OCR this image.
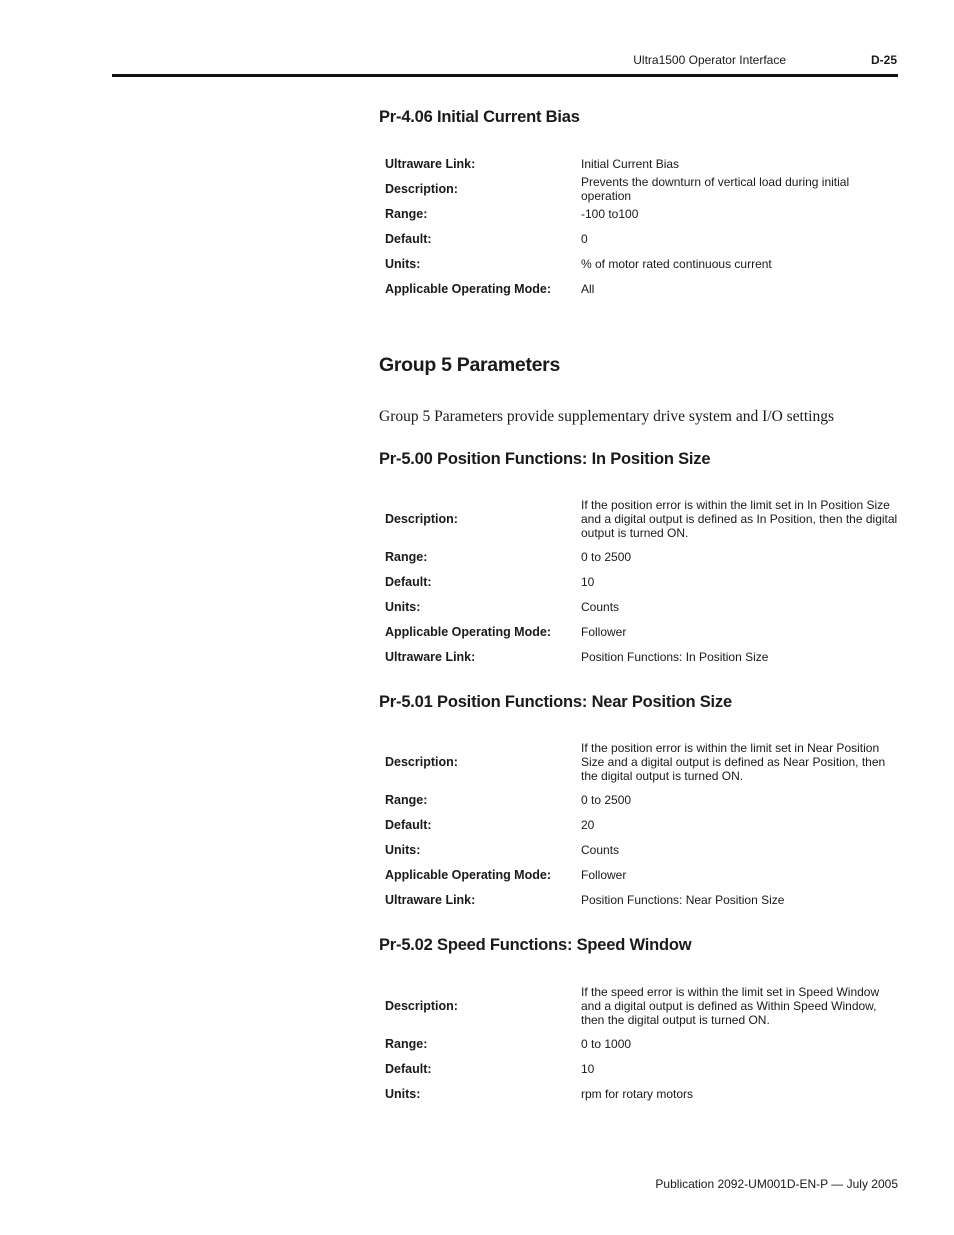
Ultra1500 Operator Interface	D-25
Pr-4.06 Initial Current Bias
Ultraware Link:	Initial Current Bias
Description:	Prevents the downturn of vertical load during initial operation
Range:	-100 to100
Default:	0
Units:	% of motor rated continuous current
Applicable Operating Mode:	All
Group 5 Parameters
Group 5 Parameters provide supplementary drive system and I/O settings
Pr-5.00 Position Functions: In Position Size
Description:
If the position error is within the limit set in In Position Size and a digital output is defined as In Position, then the digital output is turned ON.
Range:	0 to 2500
Default:	10
Units:	Counts
Applicable Operating Mode:	Follower
Ultraware Link:	Position Functions: In Position Size
Pr-5.01 Position Functions: Near Position Size
Description:
If the position error is within the limit set in Near Position Size and a digital output is defined as Near Position, then the digital output is turned ON.
Range:	0 to 2500
Default:	20
Units:	Counts
Applicable Operating Mode:	Follower
Ultraware Link:	Position Functions: Near Position Size
Pr-5.02 Speed Functions: Speed Window
Description:
If the speed error is within the limit set in Speed Window and a digital output is defined as Within Speed Window, then the digital output is turned ON.
Range:	0 to 1000
Default:	10
Units:	rpm for rotary motors
Publication 2092-UM001D-EN-P — July 2005
